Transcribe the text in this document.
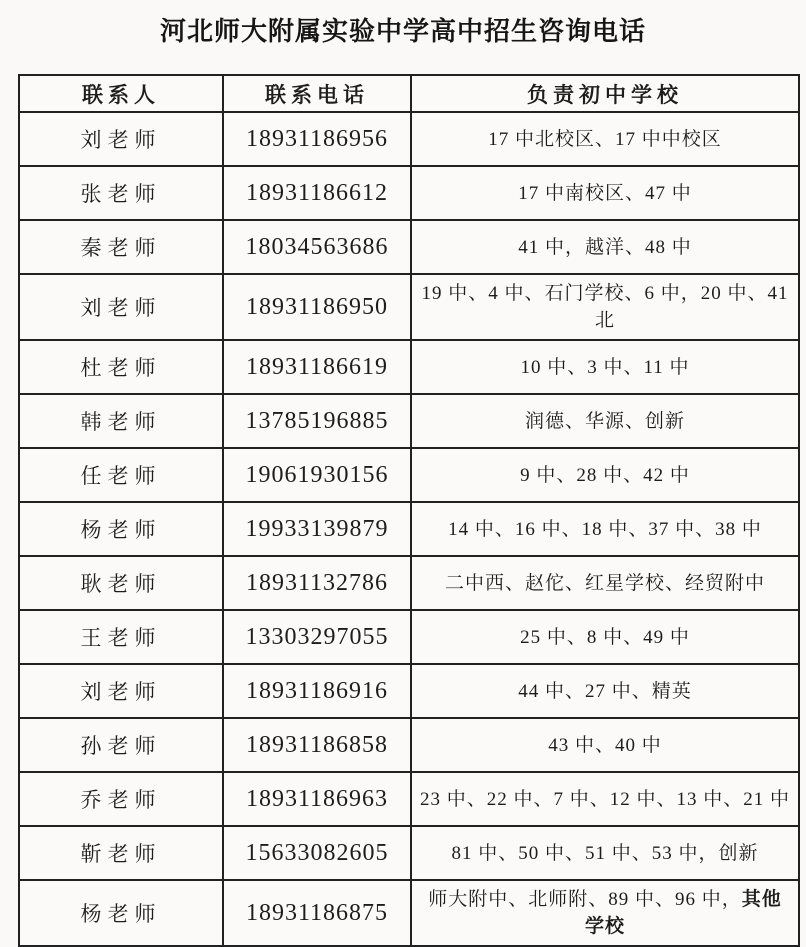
河北师大附属实验中学高中招生咨询电话
联系人	联系电话	负责初中学校
刘老师	18931186956	17 中北校区、17 中中校区
张老师	18931186612	17 中南校区、47 中
秦老师	18034563686	41 中，越洋、48 中
刘老师	18931186950	19 中、4 中、石门学校、6 中，20 中、41 北
杜老师	18931186619	10 中、3 中、11 中
韩老师	13785196885	润德、华源、创新
任老师	19061930156	9 中、28 中、42 中
杨老师	19933139879	14 中、16 中、18 中、37 中、38 中
耿老师	18931132786	二中西、赵佗、红星学校、经贸附中
王老师	13303297055	25 中、8 中、49 中
刘老师	18931186916	44 中、27 中、精英
孙老师	18931186858	43 中、40 中
乔老师	18931186963	23 中、22 中、7 中、12 中、13 中、21 中
靳老师	15633082605	81 中、50 中、51 中、53 中，创新
杨老师	18931186875	师大附中、北师附、89 中、96 中，其他学校
